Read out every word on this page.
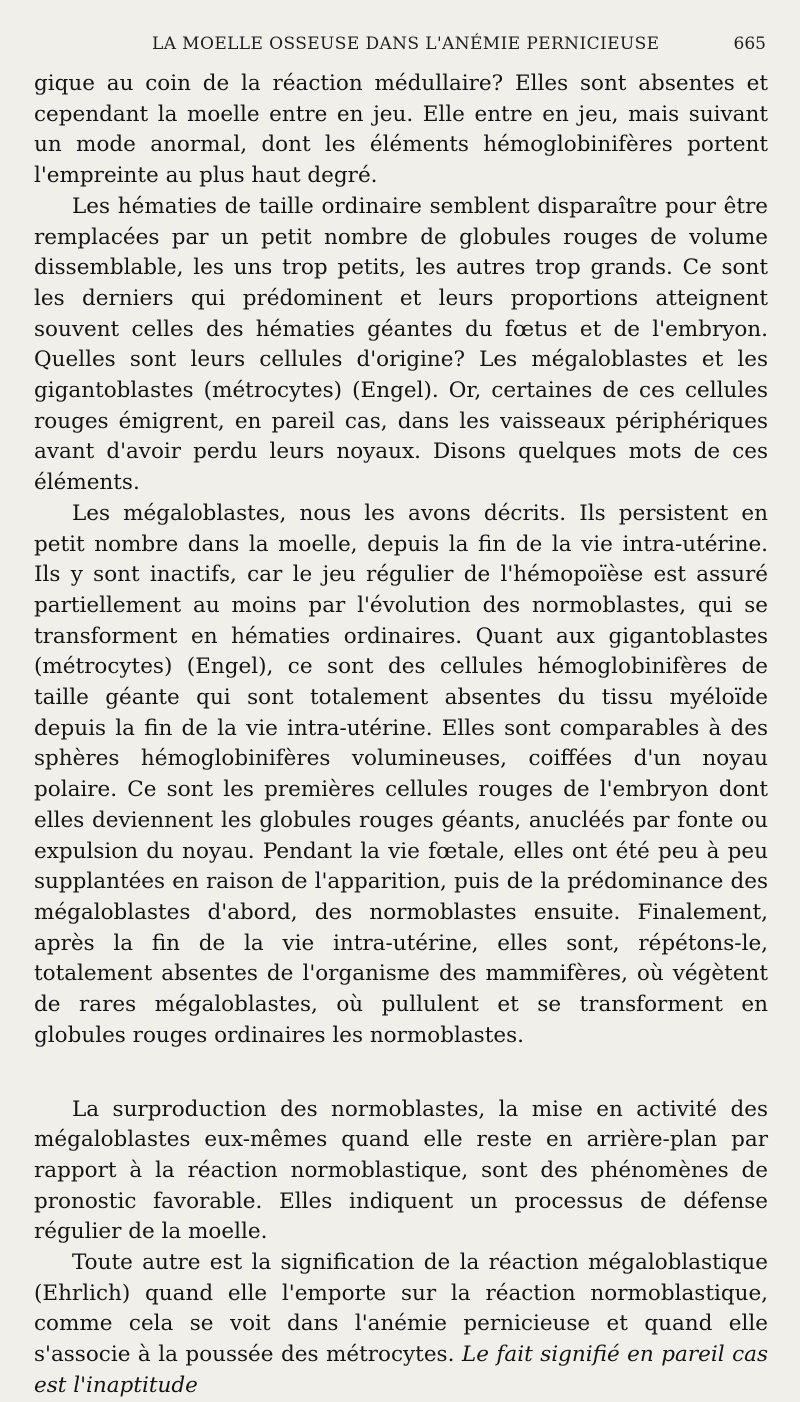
LA MOELLE OSSEUSE DANS L'ANÉMIE PERNICIEUSE	665

gique au coin de la réaction médullaire? Elles sont absentes et cependant la moelle entre en jeu. Elle entre en jeu, mais suivant un mode anormal, dont les éléments hémoglobinifères portent l'empreinte au plus haut degré.

Les hématies de taille ordinaire semblent disparaître pour être remplacées par un petit nombre de globules rouges de volume dissemblable, les uns trop petits, les autres trop grands. Ce sont les derniers qui prédominent et leurs proportions atteignent souvent celles des hématies géantes du fœtus et de l'embryon. Quelles sont leurs cellules d'origine? Les mégaloblastes et les gigantoblastes (métrocytes) (Engel). Or, certaines de ces cellules rouges émigrent, en pareil cas, dans les vaisseaux périphériques avant d'avoir perdu leurs noyaux. Disons quelques mots de ces éléments.

Les mégaloblastes, nous les avons décrits. Ils persistent en petit nombre dans la moelle, depuis la fin de la vie intra-utérine. Ils y sont inactifs, car le jeu régulier de l'hémopoïèse est assuré partiellement au moins par l'évolution des normoblastes, qui se transforment en hématies ordinaires. Quant aux gigantoblastes (métrocytes) (Engel), ce sont des cellules hémoglobinifères de taille géante qui sont totalement absentes du tissu myéloïde depuis la fin de la vie intra-utérine. Elles sont comparables à des sphères hémoglobinifères volumineuses, coiffées d'un noyau polaire. Ce sont les premières cellules rouges de l'embryon dont elles deviennent les globules rouges géants, anucléés par fonte ou expulsion du noyau. Pendant la vie fœtale, elles ont été peu à peu supplantées en raison de l'apparition, puis de la prédominance des mégaloblastes d'abord, des normoblastes ensuite. Finalement, après la fin de la vie intra-utérine, elles sont, répétons-le, totalement absentes de l'organisme des mammifères, où végètent de rares mégaloblastes, où pullulent et se transforment en globules rouges ordinaires les normoblastes.

La surproduction des normoblastes, la mise en activité des mégaloblastes eux-mêmes quand elle reste en arrière-plan par rapport à la réaction normoblastique, sont des phénomènes de pronostic favorable. Elles indiquent un processus de défense régulier de la moelle.

Toute autre est la signification de la réaction mégaloblastique (Ehrlich) quand elle l'emporte sur la réaction normoblastique, comme cela se voit dans l'anémie pernicieuse et quand elle s'associe à la poussée des métrocytes. Le fait signifié en pareil cas est l'inaptitude
